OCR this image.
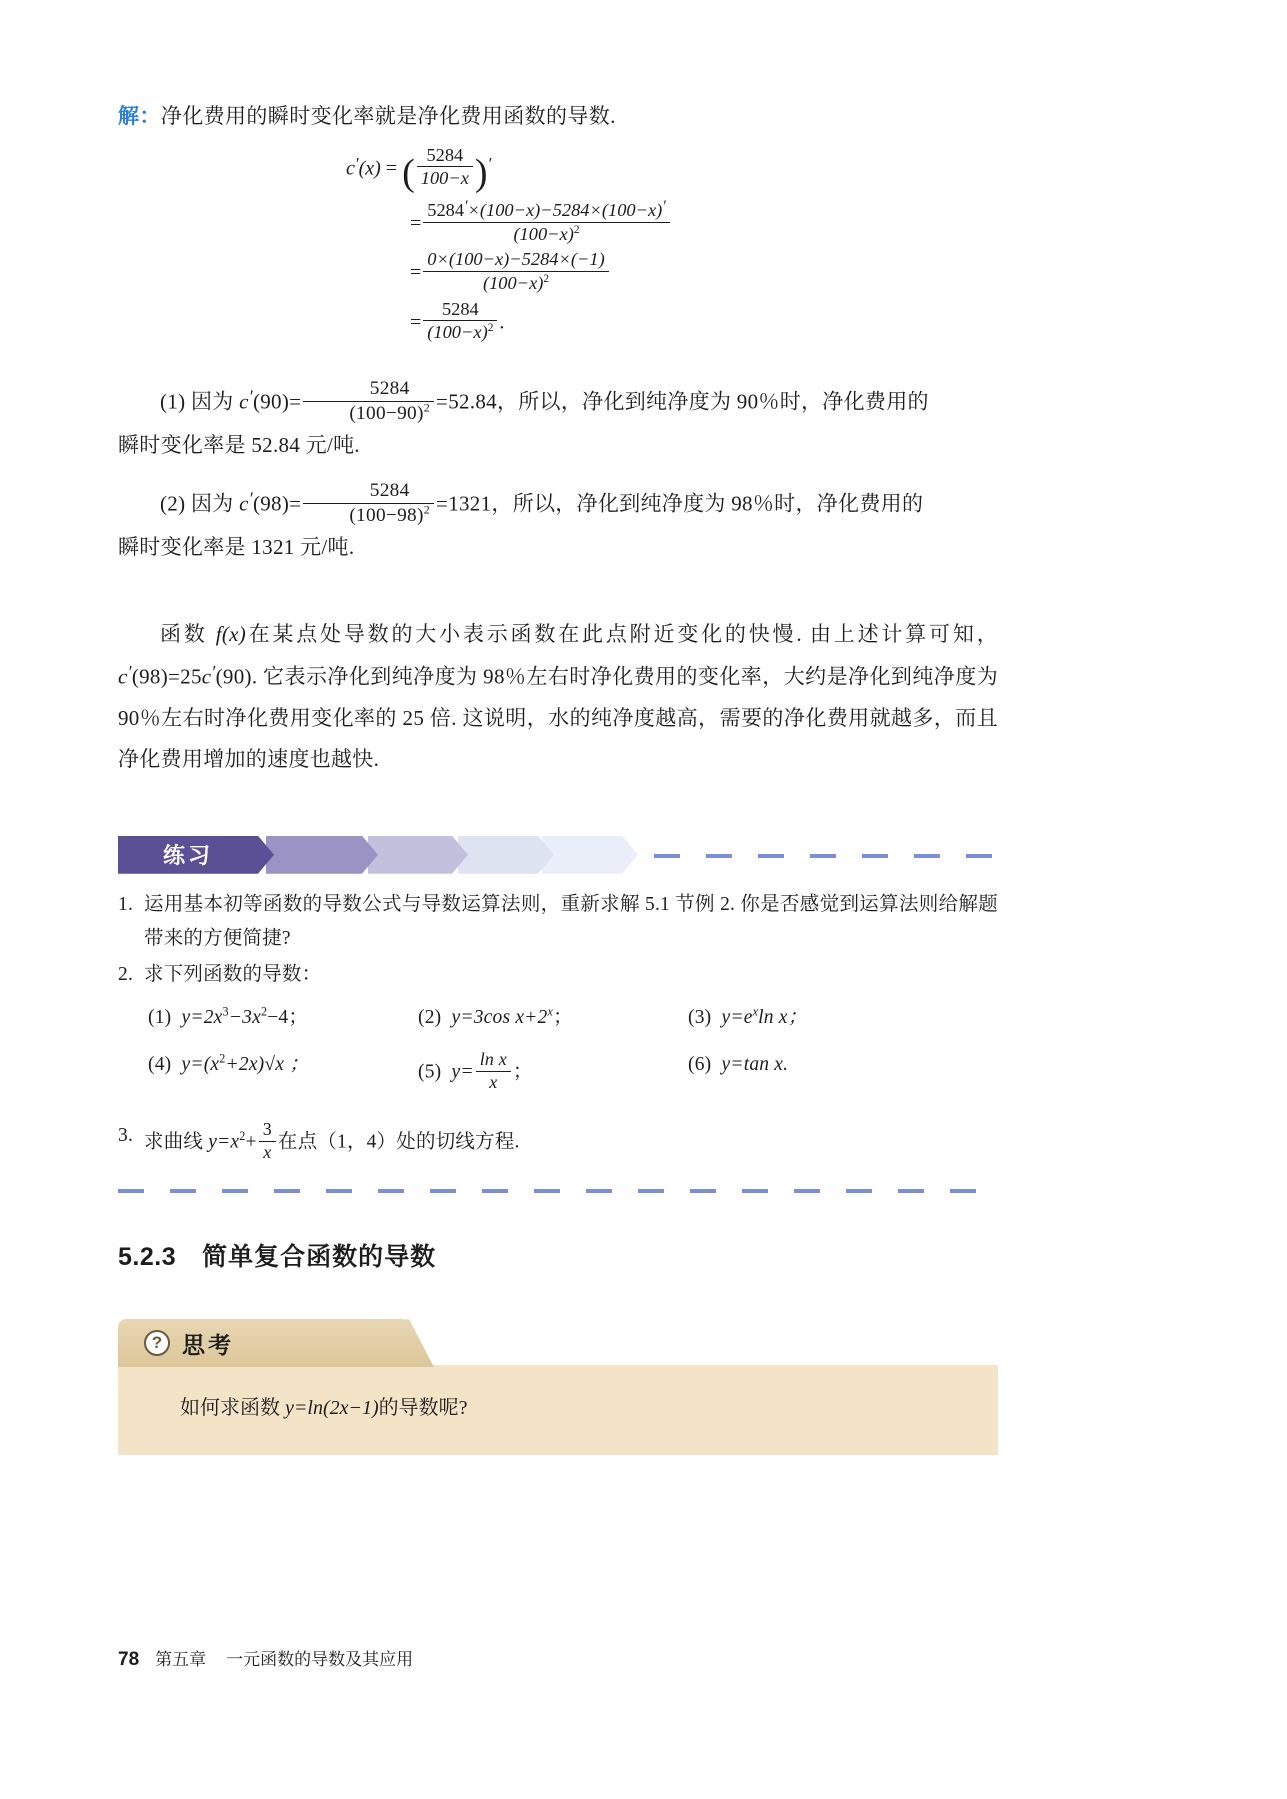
解：净化费用的瞬时变化率就是净化费用函数的导数.
c′(x) = ( $\frac{5284}{100-x} )'$
= $\frac{5284'\times(100-x)-5284\times(100-x)'}{(100-x)^2}$
= $\frac{0\times(100-x)-5284\times(-1)}{(100-x)^2}$
= $\frac{5284}{(100-x)^2}$ .
(1) 因为 $c'(90)= \frac{5284}{(100-90)^2} =52.84$，所以，净化到纯净度为 90％时，净化费用的
瞬时变化率是 52.84 元/吨.
(2) 因为 $c'(98)= \frac{5284}{(100-98)^2} =1321$，所以，净化到纯净度为 98％时，净化费用的
瞬时变化率是 1321 元/吨.
函数 f(x)在某点处导数的大小表示函数在此点附近变化的快慢. 由上述计算可知，c′(98)=25c′(90). 它表示净化到纯净度为 98％左右时净化费用的变化率，大约是净化到纯净度为 90％左右时净化费用变化率的 25 倍. 这说明，水的纯净度越高，需要的净化费用就越多，而且净化费用增加的速度也越快.
练习
1. 运用基本初等函数的导数公式与导数运算法则，重新求解 5.1 节例 2. 你是否感觉到运算法则给解题带来的方便简捷?
2. 求下列函数的导数：
(1) $y=2x^3-3x^2-4$；	(2) y=3cos $x+2^x$；	(3) $y=e^x\ln$ x；
(4) $y=(x^2+2x)√x$ ；	(5) $y= \frac{\text{ln x}}{x}$ ；	(6) y=tan x.
3. 求曲线 $y=x^2+ \frac{3}{x}$ 在点（1，4）处的切线方程.
5.2.3 简单复合函数的导数
? 思考
如何求函数 y=ln(2x−1)的导数呢?
78 第五章 一元函数的导数及其应用
